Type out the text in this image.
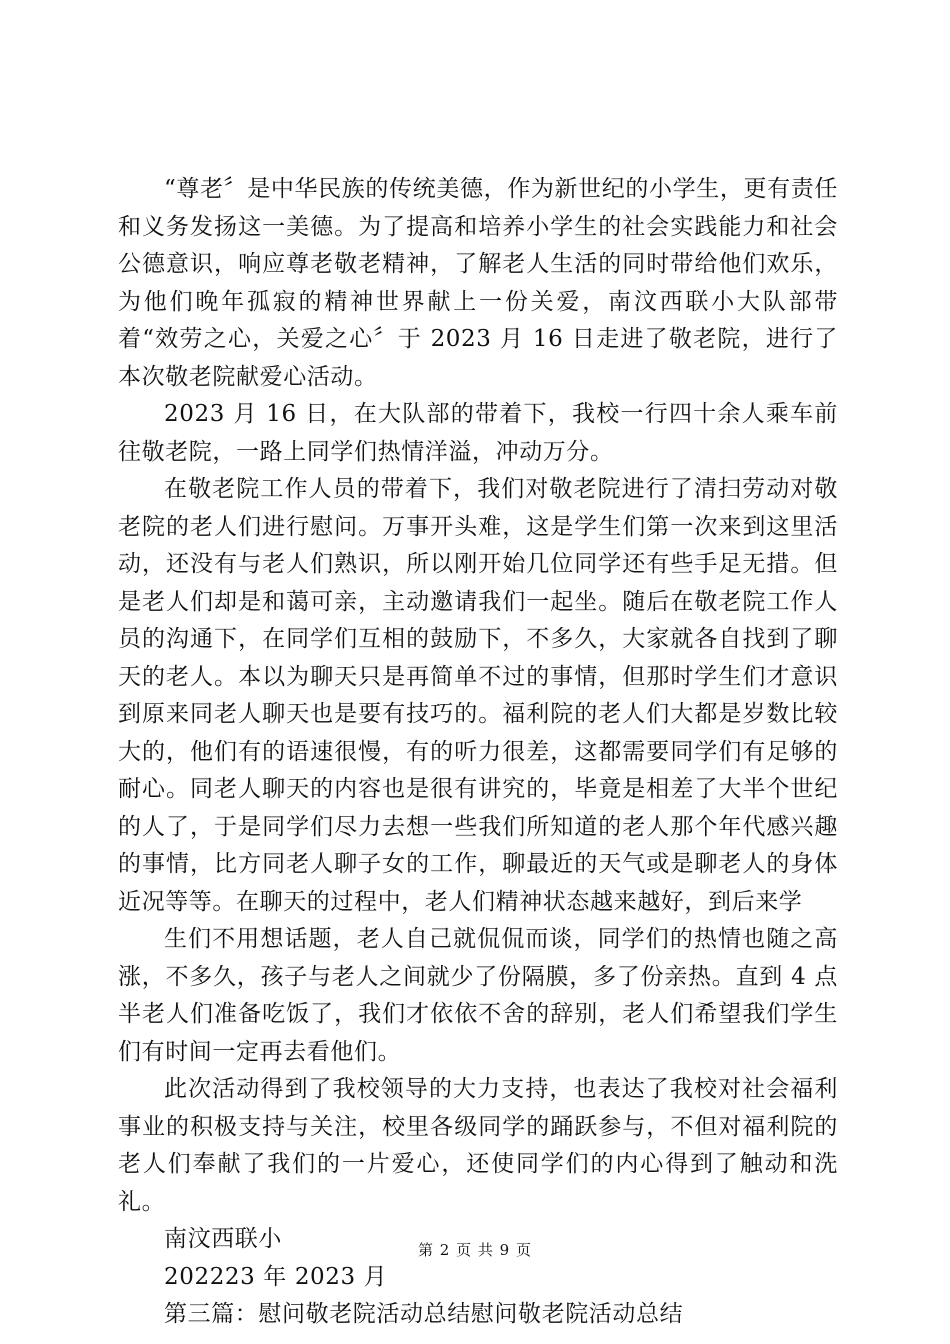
“尊老〞是中华民族的传统美德，作为新世纪的小学生，更有责任和义务发扬这一美德。为了提高和培养小学生的社会实践能力和社会公德意识，响应尊老敬老精神，了解老人生活的同时带给他们欢乐，为他们晚年孤寂的精神世界献上一份关爱，南汶西联小大队部带着“效劳之心，关爱之心〞于 2023 月 16 日走进了敬老院，进行了本次敬老院献爱心活动。

2023 月 16 日，在大队部的带着下，我校一行四十余人乘车前往敬老院，一路上同学们热情洋溢，冲动万分。

在敬老院工作人员的带着下，我们对敬老院进行了清扫劳动对敬老院的老人们进行慰问。万事开头难，这是学生们第一次来到这里活动，还没有与老人们熟识，所以刚开始几位同学还有些手足无措。但是老人们却是和蔼可亲，主动邀请我们一起坐。随后在敬老院工作人员的沟通下，在同学们互相的鼓励下，不多久，大家就各自找到了聊天的老人。本以为聊天只是再简单不过的事情，但那时学生们才意识到原来同老人聊天也是要有技巧的。福利院的老人们大都是岁数比较大的，他们有的语速很慢，有的听力很差，这都需要同学们有足够的耐心。同老人聊天的内容也是很有讲究的，毕竟是相差了大半个世纪的人了，于是同学们尽力去想一些我们所知道的老人那个年代感兴趣的事情，比方同老人聊子女的工作，聊最近的天气或是聊老人的身体近况等等。在聊天的过程中，老人们精神状态越来越好，到后来学

生们不用想话题，老人自己就侃侃而谈，同学们的热情也随之高涨，不多久，孩子与老人之间就少了份隔膜，多了份亲热。直到 4 点半老人们准备吃饭了，我们才依依不舍的辞别，老人们希望我们学生们有时间一定再去看他们。

此次活动得到了我校领导的大力支持，也表达了我校对社会福利事业的积极支持与关注，校里各级同学的踊跃参与，不但对福利院的老人们奉献了我们的一片爱心，还使同学们的内心得到了触动和洗礼。

南汶西联小

202223 年 2023 月

第三篇：慰问敬老院活动总结慰问敬老院活动总结

第 2 页 共 9 页
